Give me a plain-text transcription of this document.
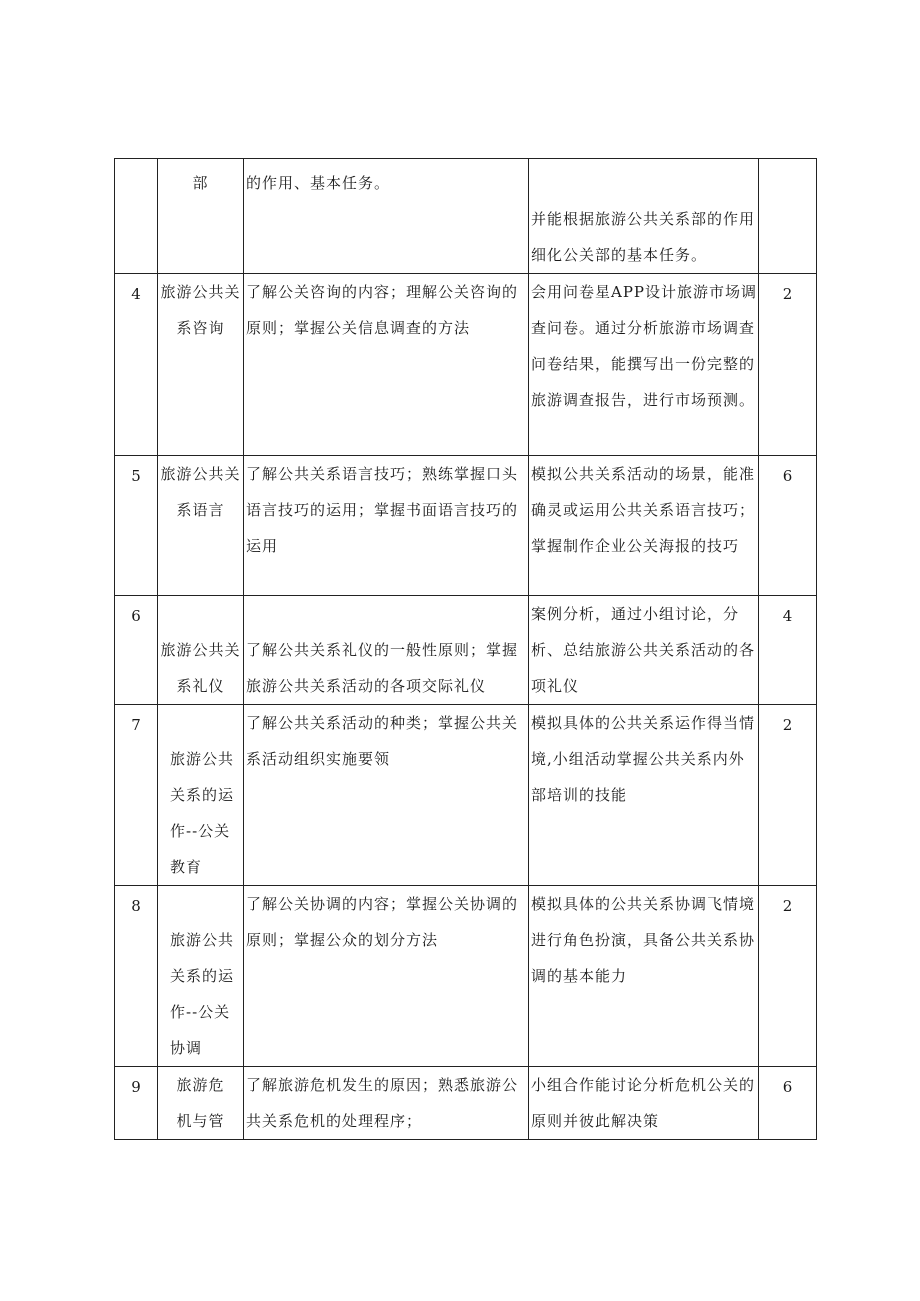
	部	的作用、基本任务。	并能根据旅游公共关系部的作用细化公关部的基本任务。	

4	旅游公共关系咨询	了解公关咨询的内容；理解公关咨询的原则；掌握公关信息调查的方法	会用问卷星APP设计旅游市场调查问卷。通过分析旅游市场调查问卷结果，能撰写出一份完整的旅游调查报告，进行市场预测。	2
5	旅游公共关系语言	了解公共关系语言技巧；熟练掌握口头语言技巧的运用；掌握书面语言技巧的运用	模拟公共关系活动的场景，能准确灵或运用公共关系语言技巧；掌握制作企业公关海报的技巧	6
6	旅游公共关系礼仪	了解公共关系礼仪的一般性原则；掌握旅游公共关系活动的各项交际礼仪	案例分析，通过小组讨论，分析、总结旅游公共关系活动的各项礼仪	4
7	旅游公共关系的运作--公关教育	了解公共关系活动的种类；掌握公共关系活动组织实施要领	模拟具体的公共关系运作得当情境,小组活动掌握公共关系内外部培训的技能	2
8	旅游公共关系的运作--公关协调	了解公关协调的内容；掌握公关协调的原则；掌握公众的划分方法	模拟具体的公共关系协调飞情境进行角色扮演，具备公共关系协调的基本能力	2
9	旅游危机与管	了解旅游危机发生的原因；熟悉旅游公共关系危机的处理程序；	小组合作能讨论分析危机公关的原则并彼此解决策	6
